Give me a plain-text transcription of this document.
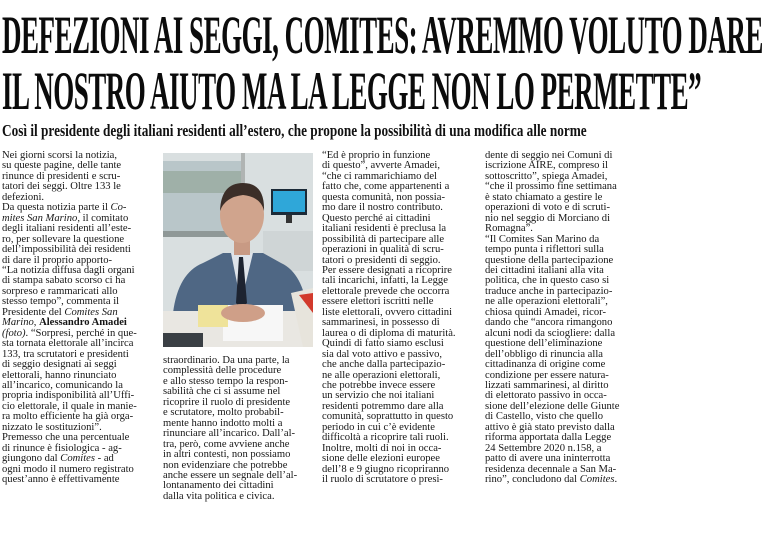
DEFEZIONI AI SEGGI, COMITES: AVREMMO VOLUTO DARE
IL NOSTRO AIUTO MA LA LEGGE NON LO PERMETTE”
Così il presidente degli italiani residenti all’estero, che propone la possibilità di una modifica alle norme
Nei giorni scorsi la notizia,
su queste pagine, delle tante
rinunce di presidenti e scru-
tatori dei seggi. Oltre 133 le
defezioni.
Da questa notizia parte il Co-
mites San Marino, il comitato
degli italiani residenti all’este-
ro, per sollevare la questione
dell’impossibilità dei residenti
di dare il proprio apporto-
“La notizia diffusa dagli organi
di stampa sabato scorso ci ha
sorpreso e rammaricati allo
stesso tempo”, commenta il
Presidente del Comites San
Marino, Alessandro Amadei
(foto). “Sorpresi, perché in que-
sta tornata elettorale all’incirca
133, tra scrutatori e presidenti
di seggio designati ai seggi
elettorali, hanno rinunciato
all’incarico, comunicando la
propria indisponibilità all’Uffi-
cio elettorale, il quale in manie-
ra molto efficiente ha già orga-
nizzato le sostituzioni”.
Premesso che una percentuale
di rinunce è fisiologica - ag-
giungono dal Comites - ad
ogni modo il numero registrato
quest’anno è effettivamente
straordinario. Da una parte, la
complessità delle procedure
e allo stesso tempo la respon-
sabilità che ci si assume nel
ricoprire il ruolo di presidente
e scrutatore, molto probabil-
mente hanno indotto molti a
rinunciare all’incarico. Dall’al-
tra, però, come avviene anche
in altri contesti, non possiamo
non evidenziare che potrebbe
anche essere un segnale dell’al-
lontanamento dei cittadini
dalla vita politica e civica.
“Ed è proprio in funzione
di questo”, avverte Amadei,
“che ci rammarichiamo del
fatto che, come appartenenti a
questa comunità, non possia-
mo dare il nostro contributo.
Questo perché ai cittadini
italiani residenti è preclusa la
possibilità di partecipare alle
operazioni in qualità di scru-
tatori o presidenti di seggio.
Per essere designati a ricoprire
tali incarichi, infatti, la Legge
elettorale prevede che occorra
essere elettori iscritti nelle
liste elettorali, ovvero cittadini
sammarinesi, in possesso di
laurea o di diploma di maturità.
Quindi di fatto siamo esclusi
sia dal voto attivo e passivo,
che anche dalla partecipazio-
ne alle operazioni elettorali,
che potrebbe invece essere
un servizio che noi italiani
residenti potremmo dare alla
comunità, soprattutto in questo
periodo in cui c’è evidente
difficoltà a ricoprire tali ruoli.
Inoltre, molti di noi in occa-
sione delle elezioni europee
dell’8 e 9 giugno ricopriranno
il ruolo di scrutatore o presi-
dente di seggio nei Comuni di
iscrizione AIRE, compreso il
sottoscritto”, spiega Amadei,
“che il prossimo fine settimana
è stato chiamato a gestire le
operazioni di voto e di scruti-
nio nel seggio di Morciano di
Romagna”.
“Il Comites San Marino da
tempo punta i riflettori sulla
questione della partecipazione
dei cittadini italiani alla vita
politica, che in questo caso si
traduce anche in partecipazio-
ne alle operazioni elettorali”,
chiosa quindi Amadei, ricor-
dando che “ancora rimangono
alcuni nodi da sciogliere: dalla
questione dell’eliminazione
dell’obbligo di rinuncia alla
cittadinanza di origine come
condizione per essere natura-
lizzati sammarinesi, al diritto
di elettorato passivo in occa-
sione dell’elezione delle Giunte
di Castello, visto che quello
attivo è già stato previsto dalla
riforma apportata dalla Legge
24 Settembre 2020 n.158, a
patto di avere una ininterrotta
residenza decennale a San Ma-
rino”, concludono dal Comites.
